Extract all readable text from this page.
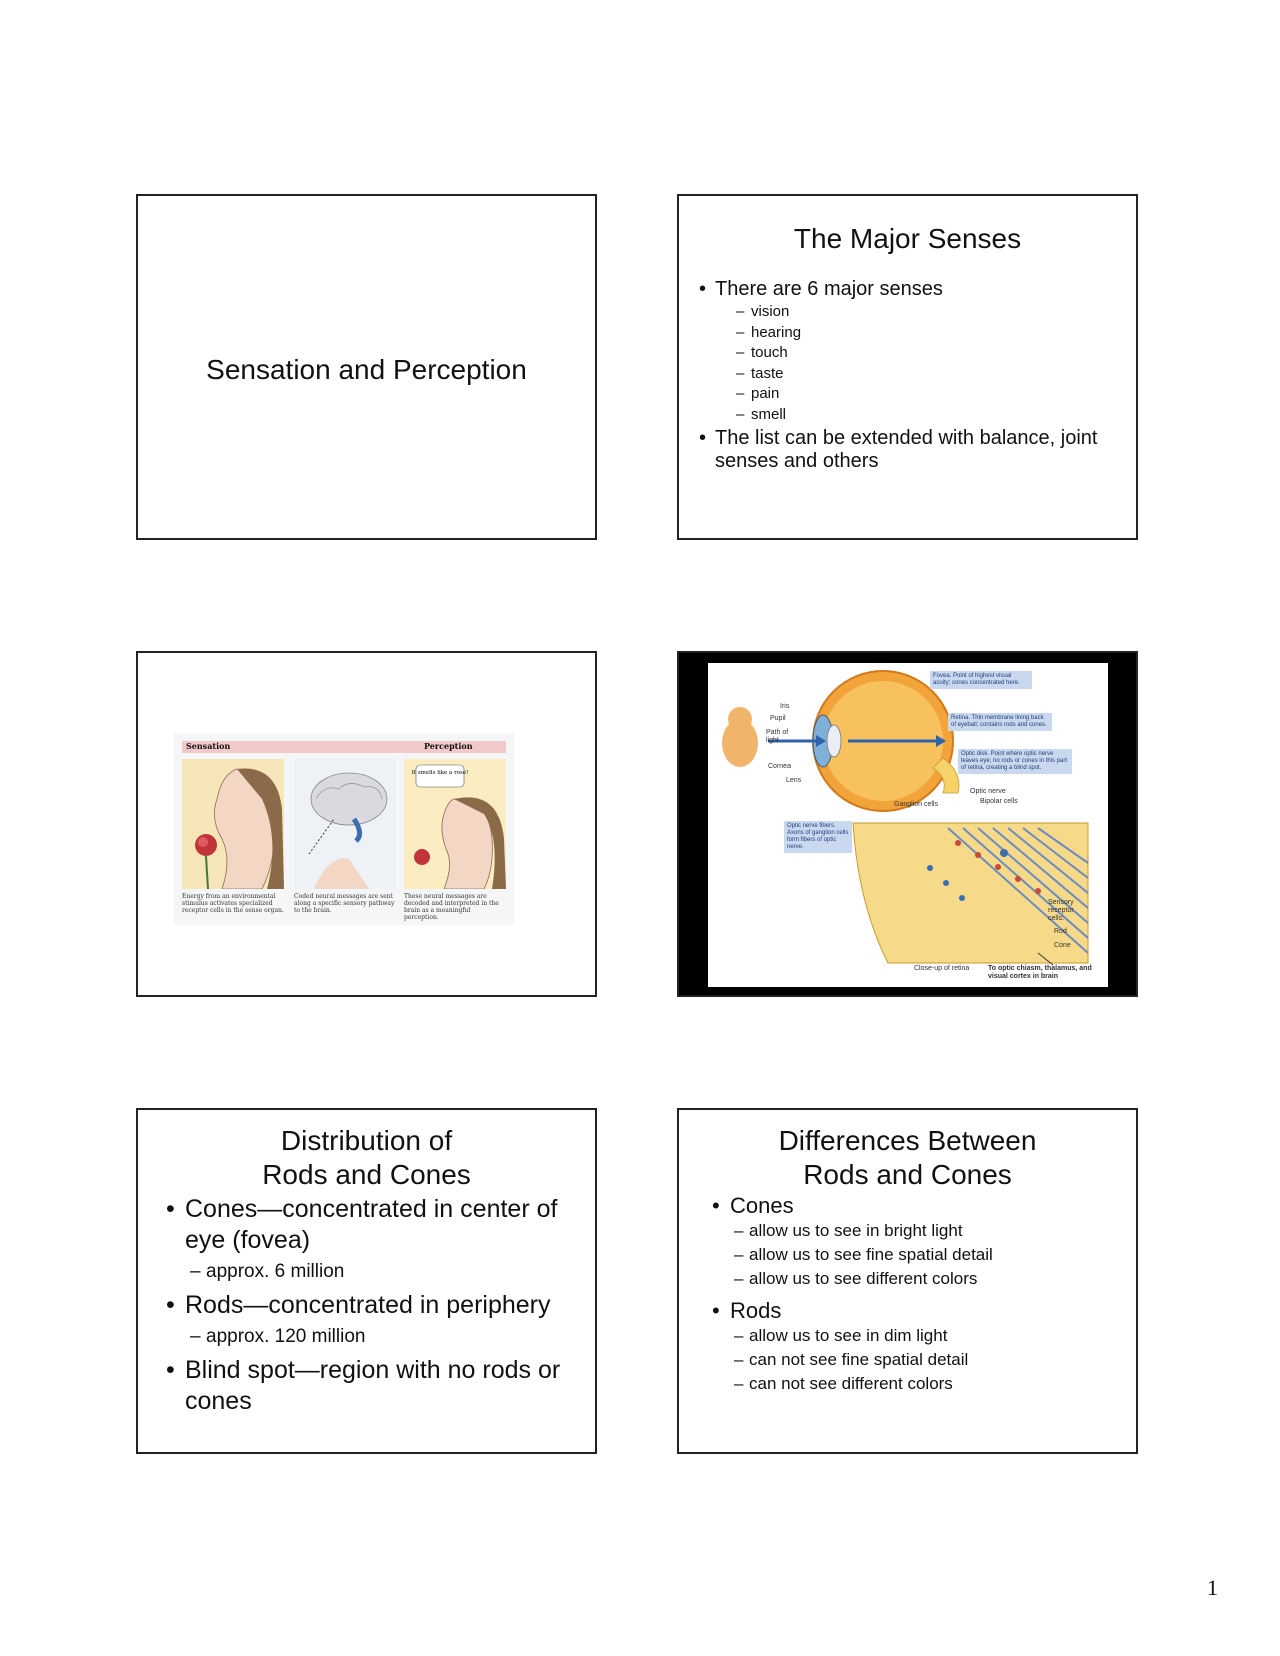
Sensation and Perception
The Major Senses
• There are 6 major senses
– vision
– hearing
– touch
– taste
– pain
– smell
• The list can be extended with balance, joint senses and others
Sensation	Perception
It smells like a rose!
Energy from an environmental stimulus activates specialized receptor cells in the sense organ.
Coded neural messages are sent along a specific sensory pathway to the brain.
These neural messages are decoded and interpreted in the brain as a meaningful perception.
Fovea. Point of highest visual acuity; cones concentrated here.
Retina. Thin membrane lining back of eyeball; contains rods and cones.
Optic disk. Point where optic nerve leaves eye; no rods or cones in this part of retina, creating a blind spot.
Iris
Pupil
Path of light
Cornea
Lens
Optic nerve
Ganglion cells	Bipolar cells
Optic nerve fibers. Axons of ganglion cells form fibers of optic nerve.
Sensory receptor cells:
Rod
Cone
Close-up of retina	To optic chiasm, thalamus, and visual cortex in brain
Distribution of
Rods and Cones
• Cones—concentrated in center of eye (fovea)
– approx. 6 million
• Rods—concentrated in periphery
– approx. 120 million
• Blind spot—region with no rods or cones
Differences Between
Rods and Cones
• Cones
– allow us to see in bright light
– allow us to see fine spatial detail
– allow us to see different colors
• Rods
– allow us to see in dim light
– can not see fine spatial detail
– can not see different colors
1
